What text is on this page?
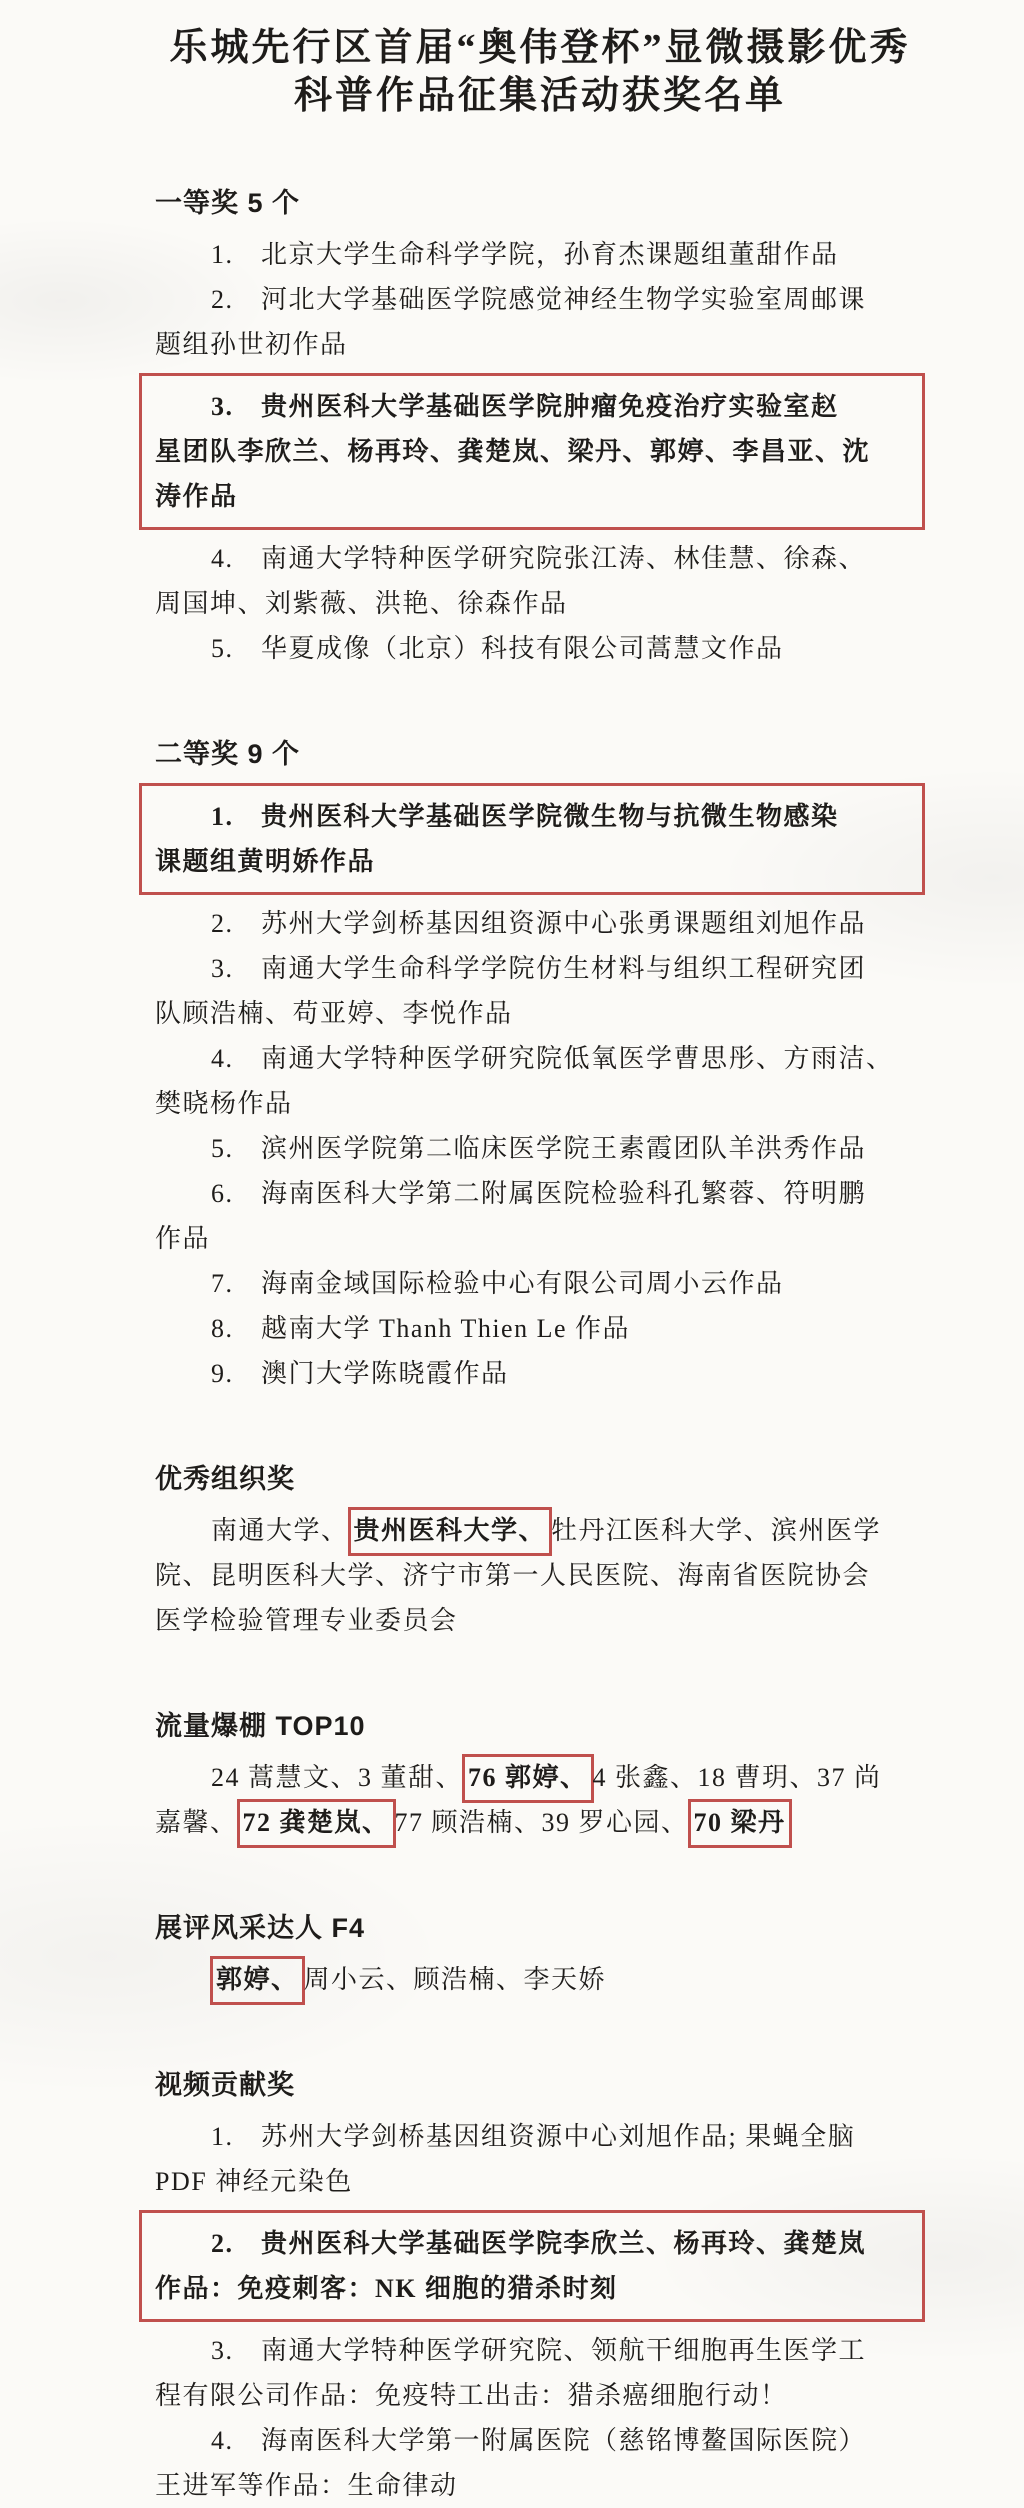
乐城先行区首届“奥伟登杯”显微摄影优秀
科普作品征集活动获奖名单
一等奖 5 个
1.　北京大学生命科学学院，孙育杰课题组董甜作品
2.　河北大学基础医学院感觉神经生物学实验室周邮课
题组孙世初作品
3.　贵州医科大学基础医学院肿瘤免疫治疗实验室赵
星团队李欣兰、杨再玲、龚楚岚、梁丹、郭婷、李昌亚、沈
涛作品
4.　南通大学特种医学研究院张江涛、林佳慧、徐森、
周国坤、刘紫薇、洪艳、徐森作品
5.　华夏成像（北京）科技有限公司蒿慧文作品
二等奖 9 个
1.　贵州医科大学基础医学院微生物与抗微生物感染
课题组黄明娇作品
2.　苏州大学剑桥基因组资源中心张勇课题组刘旭作品
3.　南通大学生命科学学院仿生材料与组织工程研究团
队顾浩楠、苟亚婷、李悦作品
4.　南通大学特种医学研究院低氧医学曹思彤、方雨洁、
樊晓杨作品
5.　滨州医学院第二临床医学院王素霞团队羊洪秀作品
6.　海南医科大学第二附属医院检验科孔繁蓉、符明鹏
作品
7.　海南金域国际检验中心有限公司周小云作品
8.　越南大学 Thanh Thien Le 作品
9.　澳门大学陈晓霞作品
优秀组织奖
南通大学、 贵州医科大学、 牡丹江医科大学、滨州医学
院、昆明医科大学、济宁市第一人民医院、海南省医院协会
医学检验管理专业委员会
流量爆棚 TOP10
24 蒿慧文、3 董甜、 76 郭婷、 4 张鑫、18 曹玥、37 尚
嘉馨、 72 龚楚岚、 77 顾浩楠、39 罗心园、 70 梁丹
展评风采达人 F4
郭婷、 周小云、顾浩楠、李天娇
视频贡献奖
1.　苏州大学剑桥基因组资源中心刘旭作品; 果蝇全脑
PDF 神经元染色
2.　贵州医科大学基础医学院李欣兰、杨再玲、龚楚岚
作品：免疫刺客：NK 细胞的猎杀时刻
3.　南通大学特种医学研究院、领航干细胞再生医学工
程有限公司作品：免疫特工出击：猎杀癌细胞行动！
4.　海南医科大学第一附属医院（慈铭博鳌国际医院）
王进军等作品：生命律动
